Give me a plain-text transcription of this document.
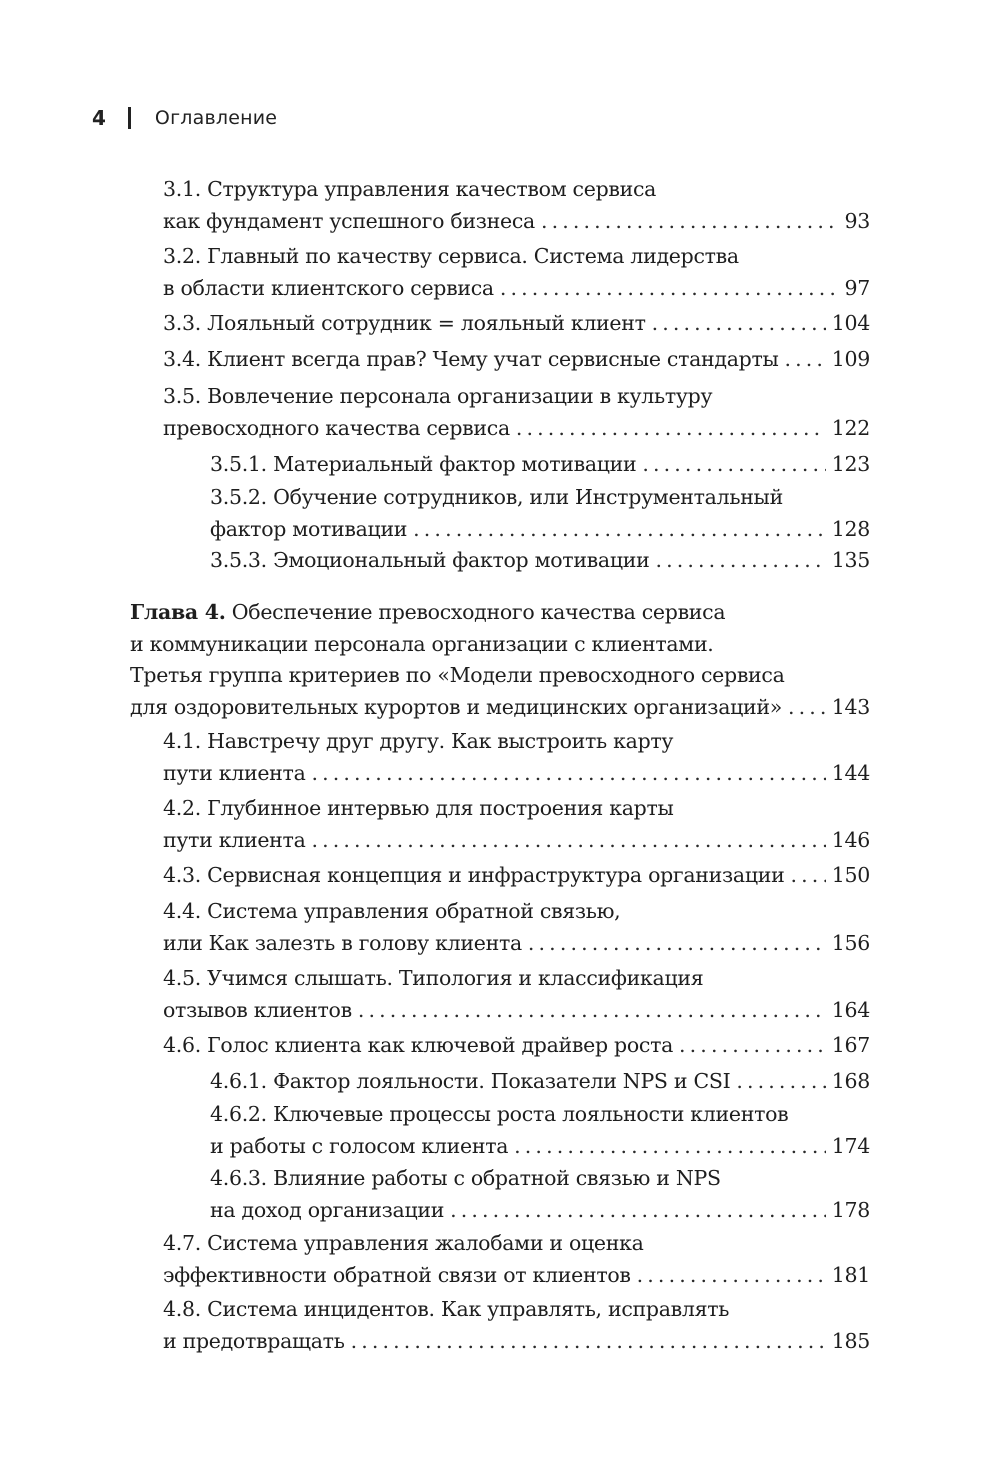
4	Оглавление
3.1. Структура управления качеством сервиса
как фундамент успешного бизнеса . . .	93
3.2. Главный по качеству сервиса. Система лидерства
в области клиентского сервиса . . .	97
3.3. Лояльный сотрудник = лояльный клиент . . .	104
3.4. Клиент всегда прав? Чему учат сервисные стандарты . . .	109
3.5. Вовлечение персонала организации в культуру
превосходного качества сервиса . . .	122
3.5.1. Материальный фактор мотивации . . .	123
3.5.2. Обучение сотрудников, или Инструментальный
фактор мотивации . . .	128
3.5.3. Эмоциональный фактор мотивации . . .	135
Глава 4. Обеспечение превосходного качества сервиса
и коммуникации персонала организации с клиентами.
Третья группа критериев по «Модели превосходного сервиса
для оздоровительных курортов и медицинских организаций» . . . 143
4.1. Навстречу друг другу. Как выстроить карту
пути клиента . . .	144
4.2. Глубинное интервью для построения карты
пути клиента . . .	146
4.3. Сервисная концепция и инфраструктура организации . . . 150
4.4. Система управления обратной связью,
или Как залезть в голову клиента . . .	156
4.5. Учимся слышать. Типология и классификация
отзывов клиентов . . .	164
4.6. Голос клиента как ключевой драйвер роста . . .	167
4.6.1. Фактор лояльности. Показатели NPS и CSI . . .	168
4.6.2. Ключевые процессы роста лояльности клиентов
и работы с голосом клиента . . .	174
4.6.3. Влияние работы с обратной связью и NPS
на доход организации . . .	178
4.7. Система управления жалобами и оценка
эффективности обратной связи от клиентов . . .	181
4.8. Система инцидентов. Как управлять, исправлять
и предотвращать . . .	185
